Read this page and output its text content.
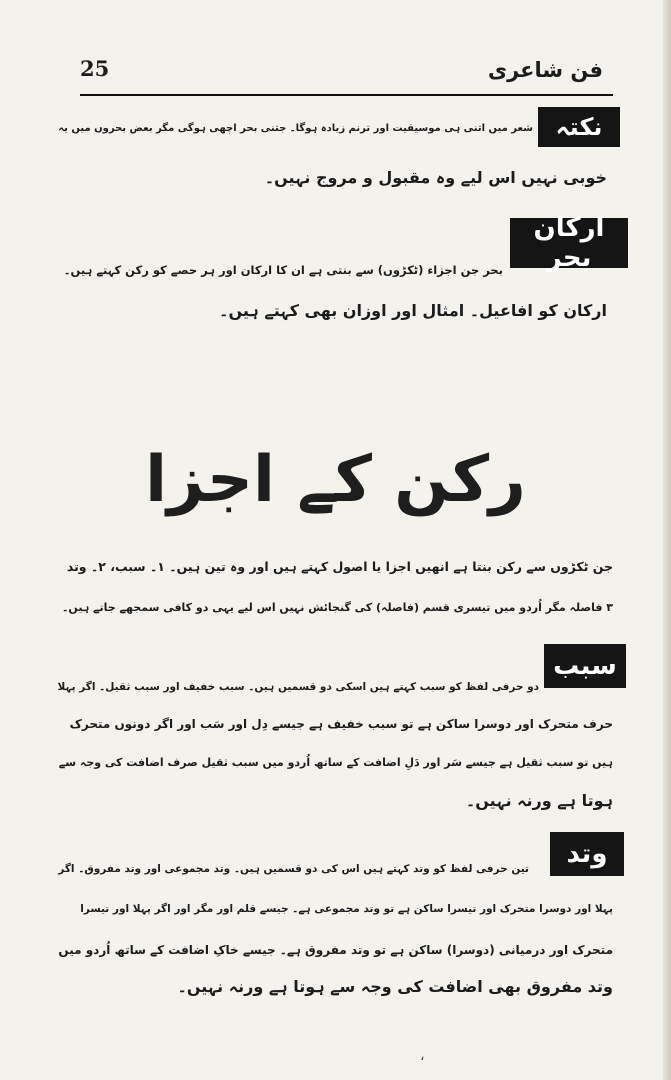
25	فن شاعری
نکتہ
شعر میں اتنی ہی موسیقیت اور ترنم زیادہ ہوگا۔ جتنی بحر اچھی ہوگی مگر بعض بحروں میں یہ
خوبی نہیں اس لیے وہ مقبول و مروج نہیں۔
ارکان بحر
بحر جن اجزاء (ٹکڑوں) سے بنتی ہے ان کا ارکان اور ہر حصے کو رکن کہتے ہیں۔
ارکان کو افاعیل۔ امثال اور اوزان بھی کہتے ہیں۔
رکن کے اجزا
جن ٹکڑوں سے رکن بنتا ہے انھیں اجزا یا اصول کہتے ہیں اور وہ تین ہیں۔ ۱۔ سبب، ۲۔ وتد
۳ فاصلہ مگر اُردو میں تیسری قسم (فاصلہ) کی گنجائش نہیں اس لیے یہی دو کافی سمجھے جاتے ہیں۔
سبب
دو حرفی لفظ کو سبب کہتے ہیں اسکی دو قسمیں ہیں۔ سبب خفیف اور سبب ثقیل۔ اگر پہلا
حرف متحرک اور دوسرا ساکن ہے تو سبب خفیف ہے جیسے دِل اور سَب اور اگر دونوں متحرک
ہیں تو سبب ثقیل ہے جیسے سَر اور دَلِ اضافت کے ساتھ اُردو میں سبب ثقیل صرف اضافت کی وجہ سے
ہوتا ہے ورنہ نہیں۔
وتد
تین حرفی لفظ کو وتد کہتے ہیں اس کی دو قسمیں ہیں۔ وتد مجموعی اور وتد مفروق۔ اگر
پہلا اور دوسرا متحرک اور تیسرا ساکن ہے تو وتد مجموعی ہے۔ جیسے قلم اور مگر اور اگر پہلا اور تیسرا
متحرک اور درمیانی (دوسرا) ساکن ہے تو وتد مفروق ہے۔ جیسے خاکِ اضافت کے ساتھ اُردو میں
وتد مفروق بھی اضافت کی وجہ سے ہوتا ہے ورنہ نہیں۔
،
